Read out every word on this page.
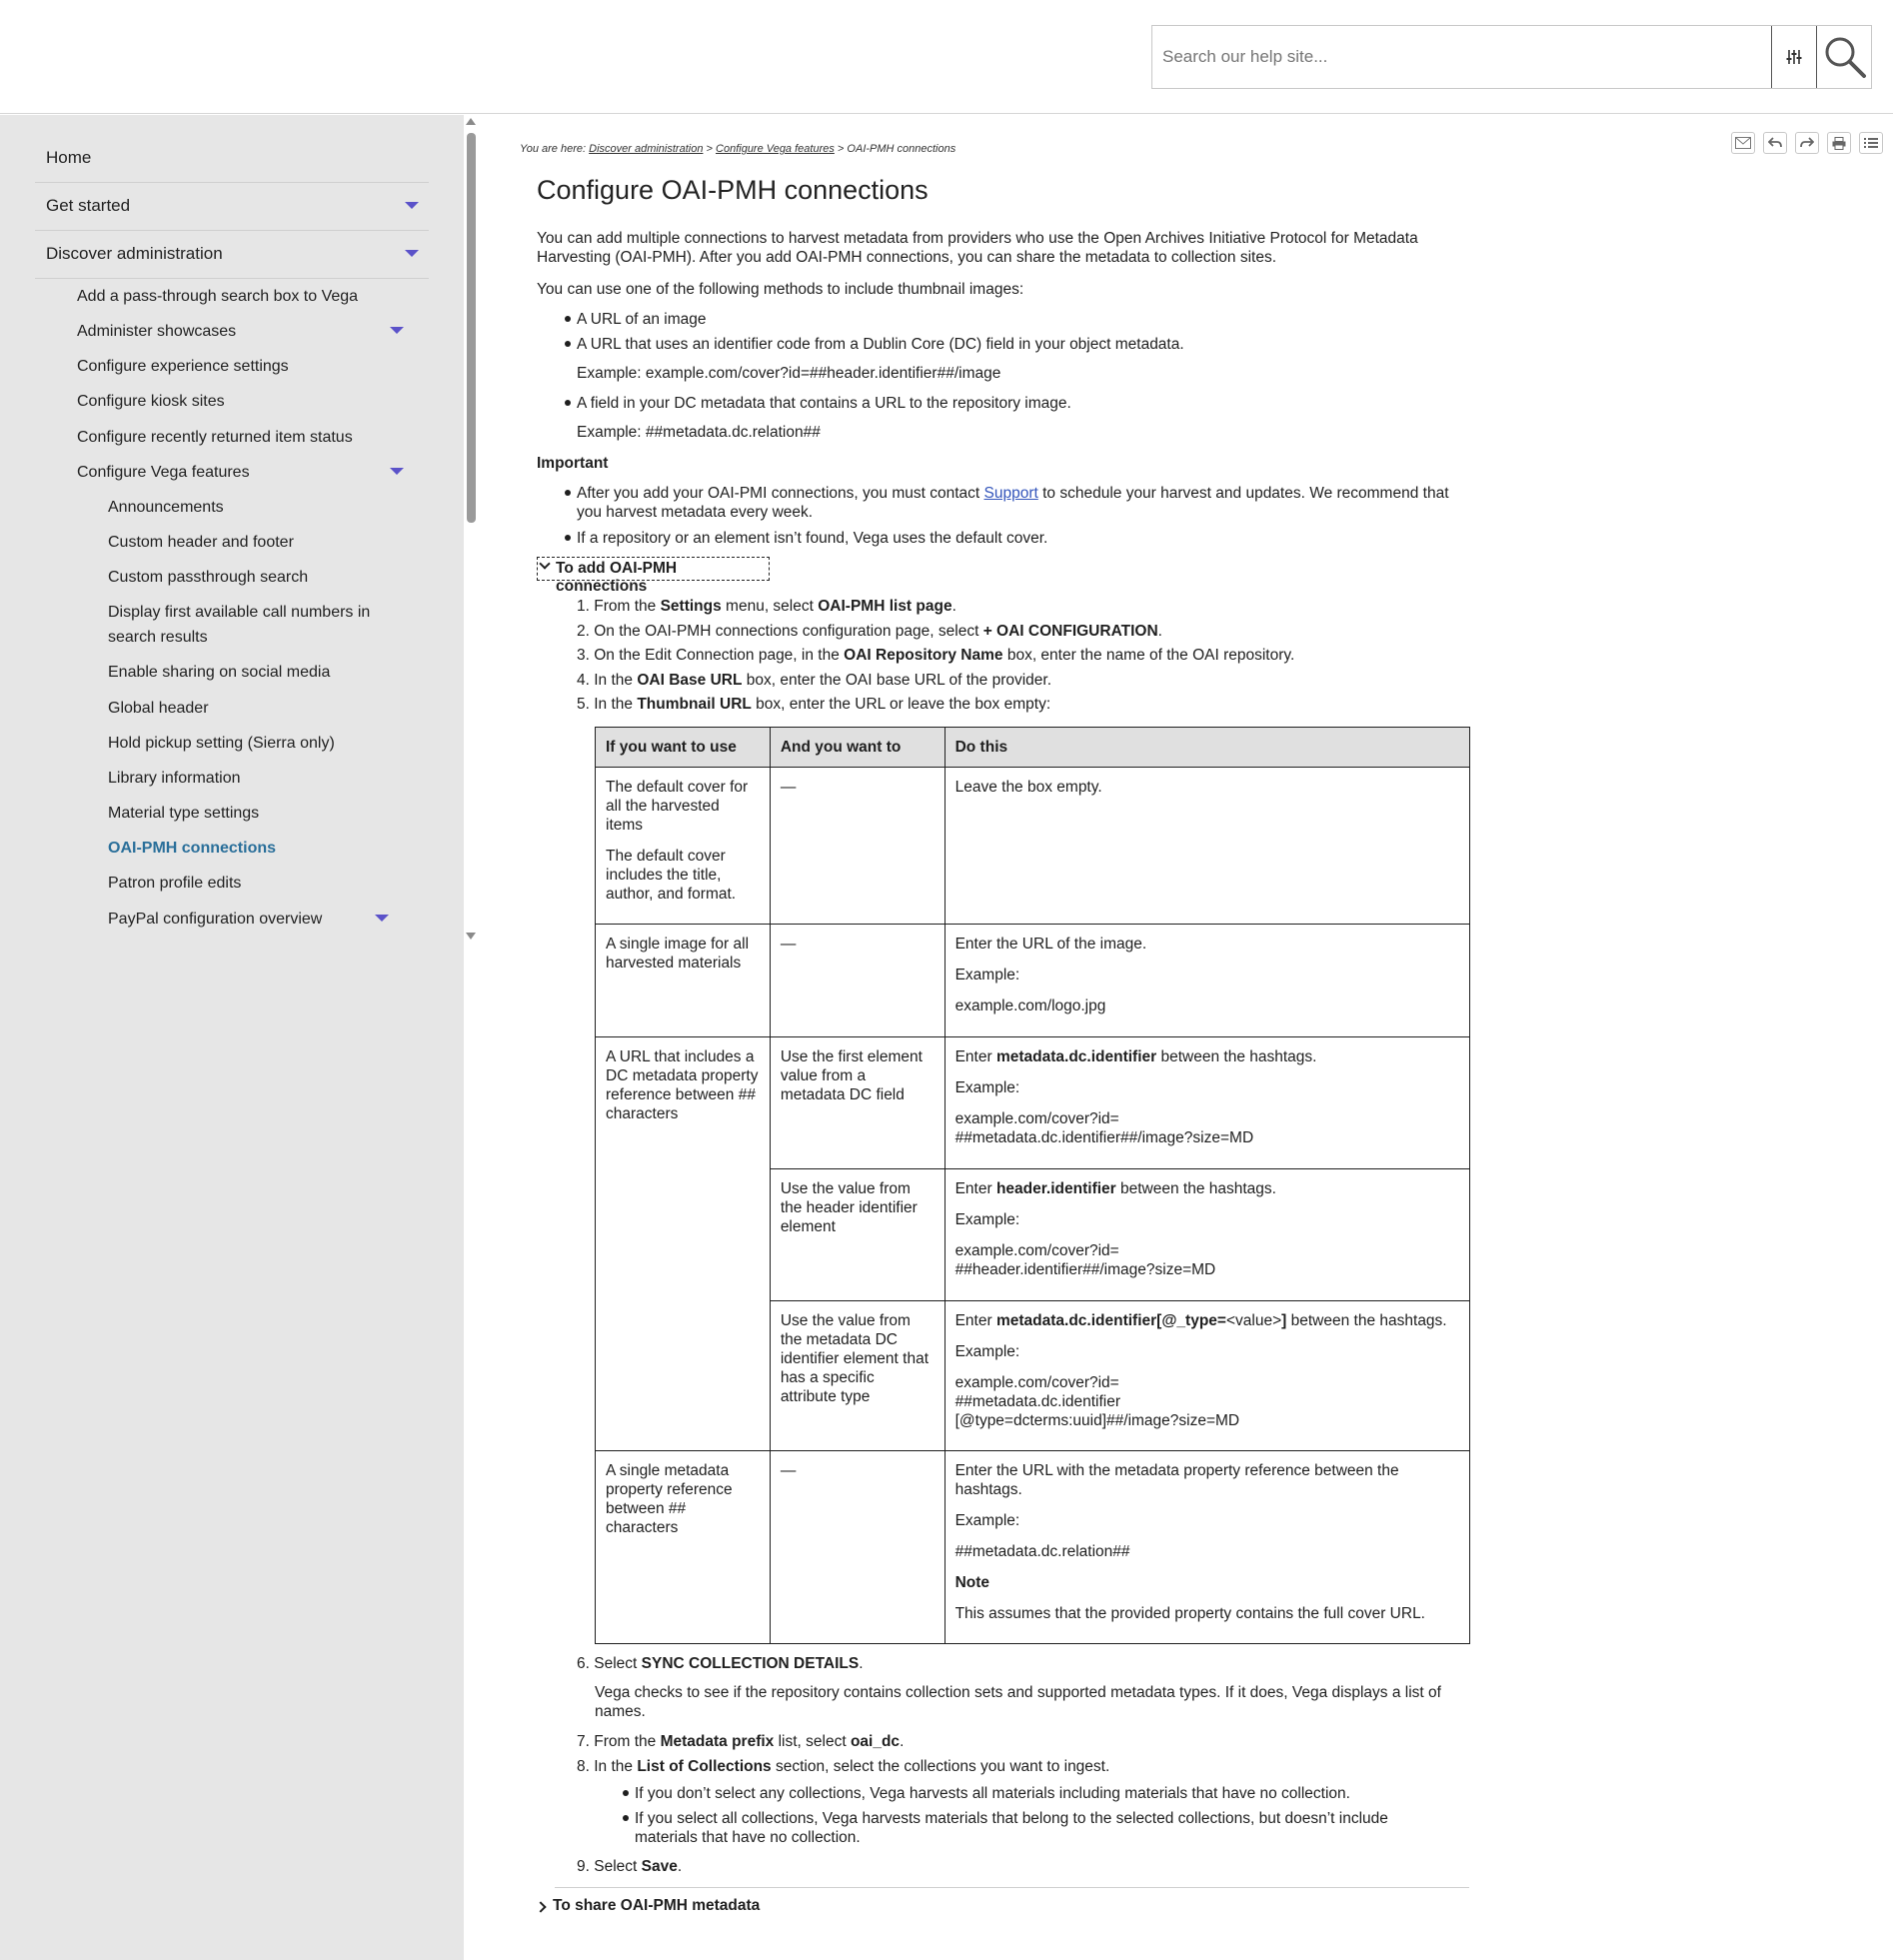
Search our help site...
Home
Get started
Discover administration
Add a pass-through search box to Vega
Administer showcases
Configure experience settings
Configure kiosk sites
Configure recently returned item status
Configure Vega features
Announcements
Custom header and footer
Custom passthrough search
Display first available call numbers in search results
Enable sharing on social media
Global header
Hold pickup setting (Sierra only)
Library information
Material type settings
OAI-PMH connections
Patron profile edits
PayPal configuration overview
You are here: Discover administration > Configure Vega features > OAI-PMH connections
Configure OAI-PMH connections

You can add multiple connections to harvest metadata from providers who use the Open Archives Initiative Protocol for Metadata Harvesting (OAI-PMH). After you add OAI-PMH connections, you can share the metadata to collection sites.

You can use one of the following methods to include thumbnail images:

A URL of an image

A URL that uses an identifier code from a Dublin Core (DC) field in your object metadata.

Example: example.com/cover?id=##header.identifier##/image

A field in your DC metadata that contains a URL to the repository image.

Example: ##metadata.dc.relation##

Important

After you add your OAI-PMI connections, you must contact Support to schedule your harvest and updates. We recommend that you harvest metadata every week.

If a repository or an element isn’t found, Vega uses the default cover.

To add OAI-PMH connections

1. From the Settings menu, select OAI-PMH list page.

2. On the OAI-PMH connections configuration page, select + OAI CONFIGURATION.

3. On the Edit Connection page, in the OAI Repository Name box, enter the name of the OAI repository.

4. In the OAI Base URL box, enter the OAI base URL of the provider.

5. In the Thumbnail URL box, enter the URL or leave the box empty:

If you want to use	And you want to	Do this

The default cover for all the harvested items

The default cover includes the title, author, and format.	—	Leave the box empty.

A single image for all harvested materials	—	Enter the URL of the image.

Example:

example.com/logo.jpg

A URL that includes a DC metadata property reference between ## characters	Use the first element value from a metadata DC field	Enter metadata.dc.identifier between the hashtags.

Example:

example.com/cover?id=
##metadata.dc.identifier##/image?size=MD

	Use the value from the header identifier element	Enter header.identifier between the hashtags.

Example:

example.com/cover?id=
##header.identifier##/image?size=MD

	Use the value from the metadata DC identifier element that has a specific attribute type	Enter metadata.dc.identifier[@_type=<value>] between the hashtags.

Example:

example.com/cover?id=
##metadata.dc.identifier
[@type=dcterms:uuid]##/image?size=MD

A single metadata property reference between ## characters	—	Enter the URL with the metadata property reference between the hashtags.

Example:

##metadata.dc.relation##

Note

This assumes that the provided property contains the full cover URL.

6. Select SYNC COLLECTION DETAILS.

Vega checks to see if the repository contains collection sets and supported metadata types. If it does, Vega displays a list of names.

7. From the Metadata prefix list, select oai_dc.

8. In the List of Collections section, select the collections you want to ingest.

If you don’t select any collections, Vega harvests all materials including materials that have no collection.

If you select all collections, Vega harvests materials that belong to the selected collections, but doesn’t include materials that have no collection.

9. Select Save.

To share OAI-PMH metadata
